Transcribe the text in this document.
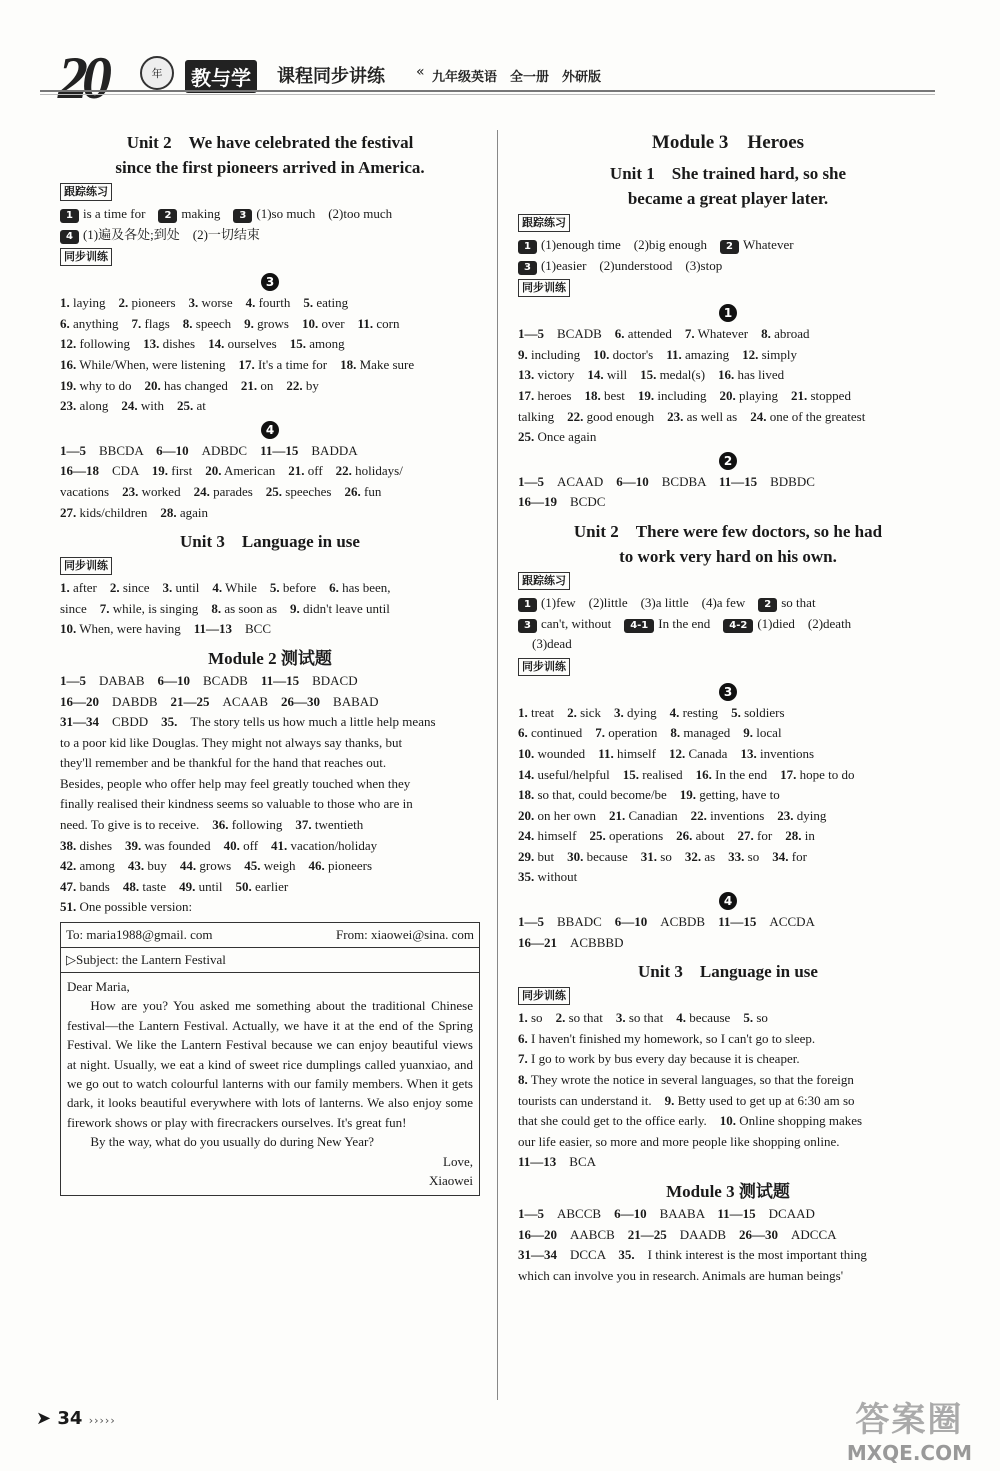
20	年	教与学	课程同步讲练 « 九年级英语　全一册　外研版

Unit 2　We have celebrated the festival
since the first pioneers arrived in America.

跟踪练习
1 is a time for　2 making　3 (1)so much　(2)too much
4 (1)遍及各处;到处　(2)一切结束
同步训练
3
1. laying　2. pioneers　3. worse　4. fourth　5. eating
6. anything　7. flags　8. speech　9. grows　10. over　11. corn
12. following　13. dishes　14. ourselves　15. among
16. While/When, were listening　17. It's a time for　18. Make sure
19. why to do　20. has changed　21. on　22. by
23. along　24. with　25. at
4
1—5　BBCDA　6—10　ADBDC　11—15　BADDA
16—18　CDA　19. first　20. American　21. off　22. holidays/
vacations　23. worked　24. parades　25. speeches　26. fun
27. kids/children　28. again

Unit 3　Language in use

同步训练
1. after　2. since　3. until　4. While　5. before　6. has been,
since　7. while, is singing　8. as soon as　9. didn't leave until
10. When, were having　11—13　BCC

Module 2 测试题

1—5　DABAB　6—10　BCADB　11—15　BDACD
16—20　DABDB　21—25　ACAAB　26—30　BABAD
31—34　CBDD　35.　The story tells us how much a little help means
to a poor kid like Douglas. They might not always say thanks, but
they'll remember and be thankful for the hand that reaches out.
Besides, people who offer help may feel greatly touched when they
finally realised their kindness seems so valuable to those who are in
need. To give is to receive.　36. following　37. twentieth
38. dishes　39. was founded　40. off　41. vacation/holiday
42. among　43. buy　44. grows　45. weigh　46. pioneers
47. bands　48. taste　49. until　50. earlier
51. One possible version:
To: maria1988@gmail. com	From: xiaowei@sina. com
▷Subject: the Lantern Festival
Dear Maria,

How are you? You asked me something about the traditional Chinese festival—the Lantern Festival. Actually, we have it at the end of the Spring Festival. We like the Lantern Festival because we can enjoy beautiful views at night. Usually, we eat a kind of sweet rice dumplings called yuanxiao, and we go out to watch colourful lanterns with our family members. When it gets dark, it looks beautiful everywhere with lots of lanterns. We also enjoy some firework shows or play with firecrackers ourselves. It's great fun!

By the way, what do you usually do during New Year?

Love,
Xiaowei

Module 3　Heroes

Unit 1　She trained hard, so she
became a great player later.

跟踪练习
1 (1)enough time　(2)big enough　2 Whatever
3 (1)easier　(2)understood　(3)stop
同步训练
1
1—5　BCADB　6. attended　7. Whatever　8. abroad
9. including　10. doctor's　11. amazing　12. simply
13. victory　14. will　15. medal(s)　16. has lived
17. heroes　18. best　19. including　20. playing　21. stopped
talking　22. good enough　23. as well as　24. one of the greatest
25. Once again
2
1—5　ACAAD　6—10　BCDBA　11—15　BDBDC
16—19　BCDC

Unit 2　There were few doctors, so he had
to work very hard on his own.

跟踪练习
1 (1)few　(2)little　(3)a little　(4)a few　2 so that
3 can't, without　4-1 In the end　4-2 (1)died　(2)death
(3)dead
同步训练
3
1. treat　2. sick　3. dying　4. resting　5. soldiers
6. continued　7. operation　8. managed　9. local
10. wounded　11. himself　12. Canada　13. inventions
14. useful/helpful　15. realised　16. In the end　17. hope to do
18. so that, could become/be　19. getting, have to
20. on her own　21. Canadian　22. inventions　23. dying
24. himself　25. operations　26. about　27. for　28. in
29. but　30. because　31. so　32. as　33. so　34. for
35. without
4
1—5　BBADC　6—10　ACBDB　11—15　ACCDA
16—21　ACBBBD

Unit 3　Language in use

同步训练
1. so　2. so that　3. so that　4. because　5. so
6. I haven't finished my homework, so I can't go to sleep.
7. I go to work by bus every day because it is cheaper.
8. They wrote the notice in several languages, so that the foreign
tourists can understand it.　9. Betty used to get up at 6:30 am so
that she could get to the office early.　10. Online shopping makes
our life easier, so more and more people like shopping online.
11—13　BCA

Module 3 测试题

1—5　ABCCB　6—10　BAABA　11—15　DCAAD
16—20　AABCB　21—25　DAADB　26—30　ADCCA
31—34　DCCA　35.　I think interest is the most important thing
which can involve you in research. Animals are human beings'
➤ 34 ›››››	答案圈
MXQE.COM
